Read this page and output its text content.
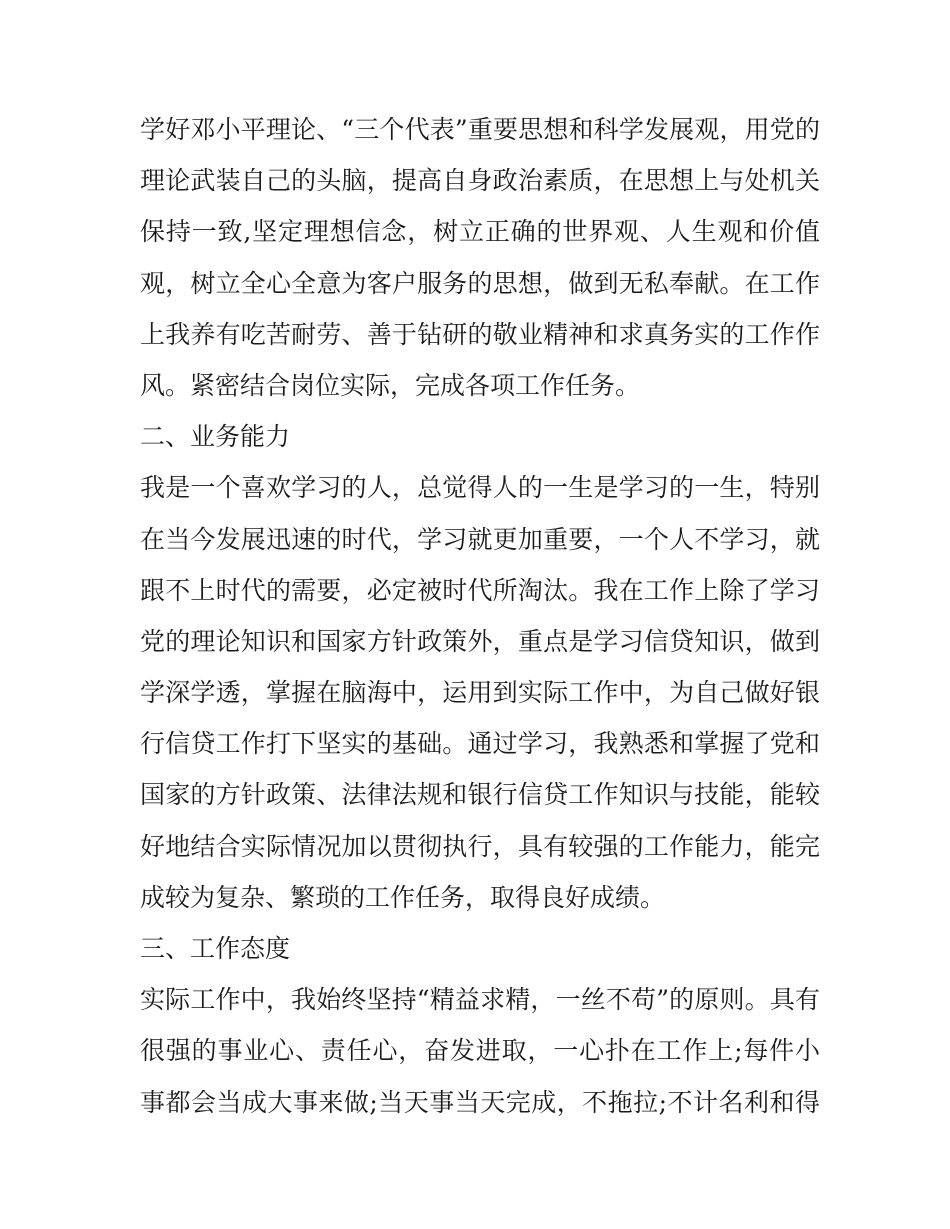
学好邓小平理论、“三个代表”重要思想和科学发展观，用党的
理论武装自己的头脑，提高自身政治素质，在思想上与处机关
保持一致,坚定理想信念，树立正确的世界观、人生观和价值
观，树立全心全意为客户服务的思想，做到无私奉献。在工作
上我养有吃苦耐劳、善于钻研的敬业精神和求真务实的工作作
风。紧密结合岗位实际，完成各项工作任务。
二、业务能力
我是一个喜欢学习的人，总觉得人的一生是学习的一生，特别
在当今发展迅速的时代，学习就更加重要，一个人不学习，就
跟不上时代的需要，必定被时代所淘汰。我在工作上除了学习
党的理论知识和国家方针政策外，重点是学习信贷知识，做到
学深学透，掌握在脑海中，运用到实际工作中，为自己做好银
行信贷工作打下坚实的基础。通过学习，我熟悉和掌握了党和
国家的方针政策、法律法规和银行信贷工作知识与技能，能较
好地结合实际情况加以贯彻执行，具有较强的工作能力，能完
成较为复杂、繁琐的工作任务，取得良好成绩。
三、工作态度
实际工作中，我始终坚持“精益求精，一丝不苟”的原则。具有
很强的事业心、责任心，奋发进取，一心扑在工作上;每件小
事都会当成大事来做;当天事当天完成，不拖拉;不计名利和得
